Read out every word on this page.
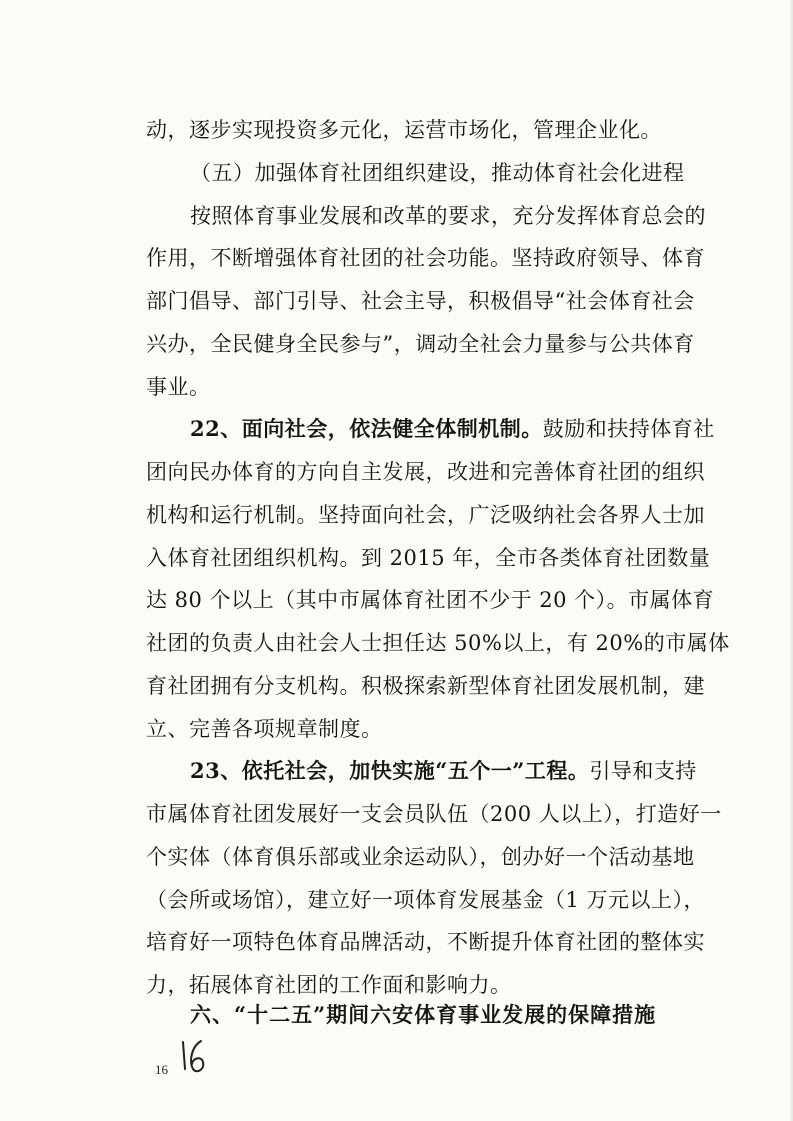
动，逐步实现投资多元化，运营市场化，管理企业化。
（五）加强体育社团组织建设，推动体育社会化进程
按照体育事业发展和改革的要求，充分发挥体育总会的
作用，不断增强体育社团的社会功能。坚持政府领导、体育
部门倡导、部门引导、社会主导，积极倡导“社会体育社会
兴办，全民健身全民参与”，调动全社会力量参与公共体育
事业。
22、面向社会，依法健全体制机制。鼓励和扶持体育社
团向民办体育的方向自主发展，改进和完善体育社团的组织
机构和运行机制。坚持面向社会，广泛吸纳社会各界人士加
入体育社团组织机构。到 2015 年，全市各类体育社团数量
达 80 个以上（其中市属体育社团不少于 20 个）。市属体育
社团的负责人由社会人士担任达 50%以上，有 20%的市属体
育社团拥有分支机构。积极探索新型体育社团发展机制，建
立、完善各项规章制度。
23、依托社会，加快实施“五个一”工程。引导和支持
市属体育社团发展好一支会员队伍（200 人以上），打造好一
个实体（体育俱乐部或业余运动队），创办好一个活动基地
（会所或场馆），建立好一项体育发展基金（1 万元以上），
培育好一项特色体育品牌活动，不断提升体育社团的整体实
力，拓展体育社团的工作面和影响力。
六、“十二五”期间六安体育事业发展的保障措施
16
